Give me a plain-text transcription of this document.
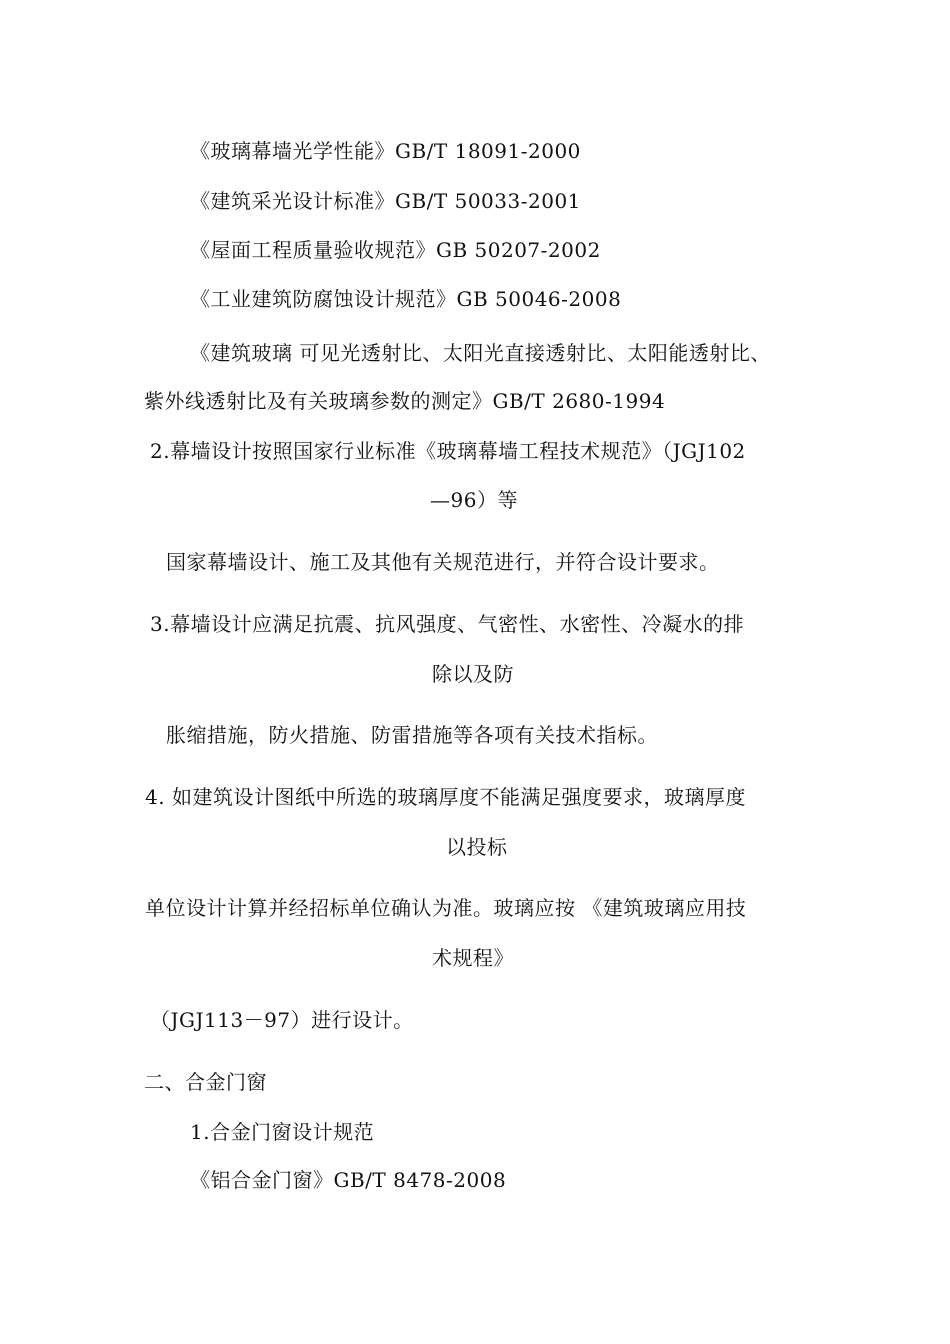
《玻璃幕墙光学性能》GB/T 18091-2000
《建筑采光设计标准》GB/T 50033-2001
《屋面工程质量验收规范》GB 50207-2002
《工业建筑防腐蚀设计规范》GB 50046-2008
《建筑玻璃 可见光透射比、太阳光直接透射比、太阳能透射比、
紫外线透射比及有关玻璃参数的测定》GB/T 2680-1994
2.幕墙设计按照国家行业标准《玻璃幕墙工程技术规范》（JGJ102
—96）等
国家幕墙设计、施工及其他有关规范进行，并符合设计要求。
3.幕墙设计应满足抗震、抗风强度、气密性、水密性、冷凝水的排
除以及防
胀缩措施，防火措施、防雷措施等各项有关技术指标。
4. 如建筑设计图纸中所选的玻璃厚度不能满足强度要求，玻璃厚度
以投标
单位设计计算并经招标单位确认为准。玻璃应按 《建筑玻璃应用技
术规程》
（JGJ113－97）进行设计。
二、合金门窗
1.合金门窗设计规范
《铝合金门窗》GB/T 8478-2008
